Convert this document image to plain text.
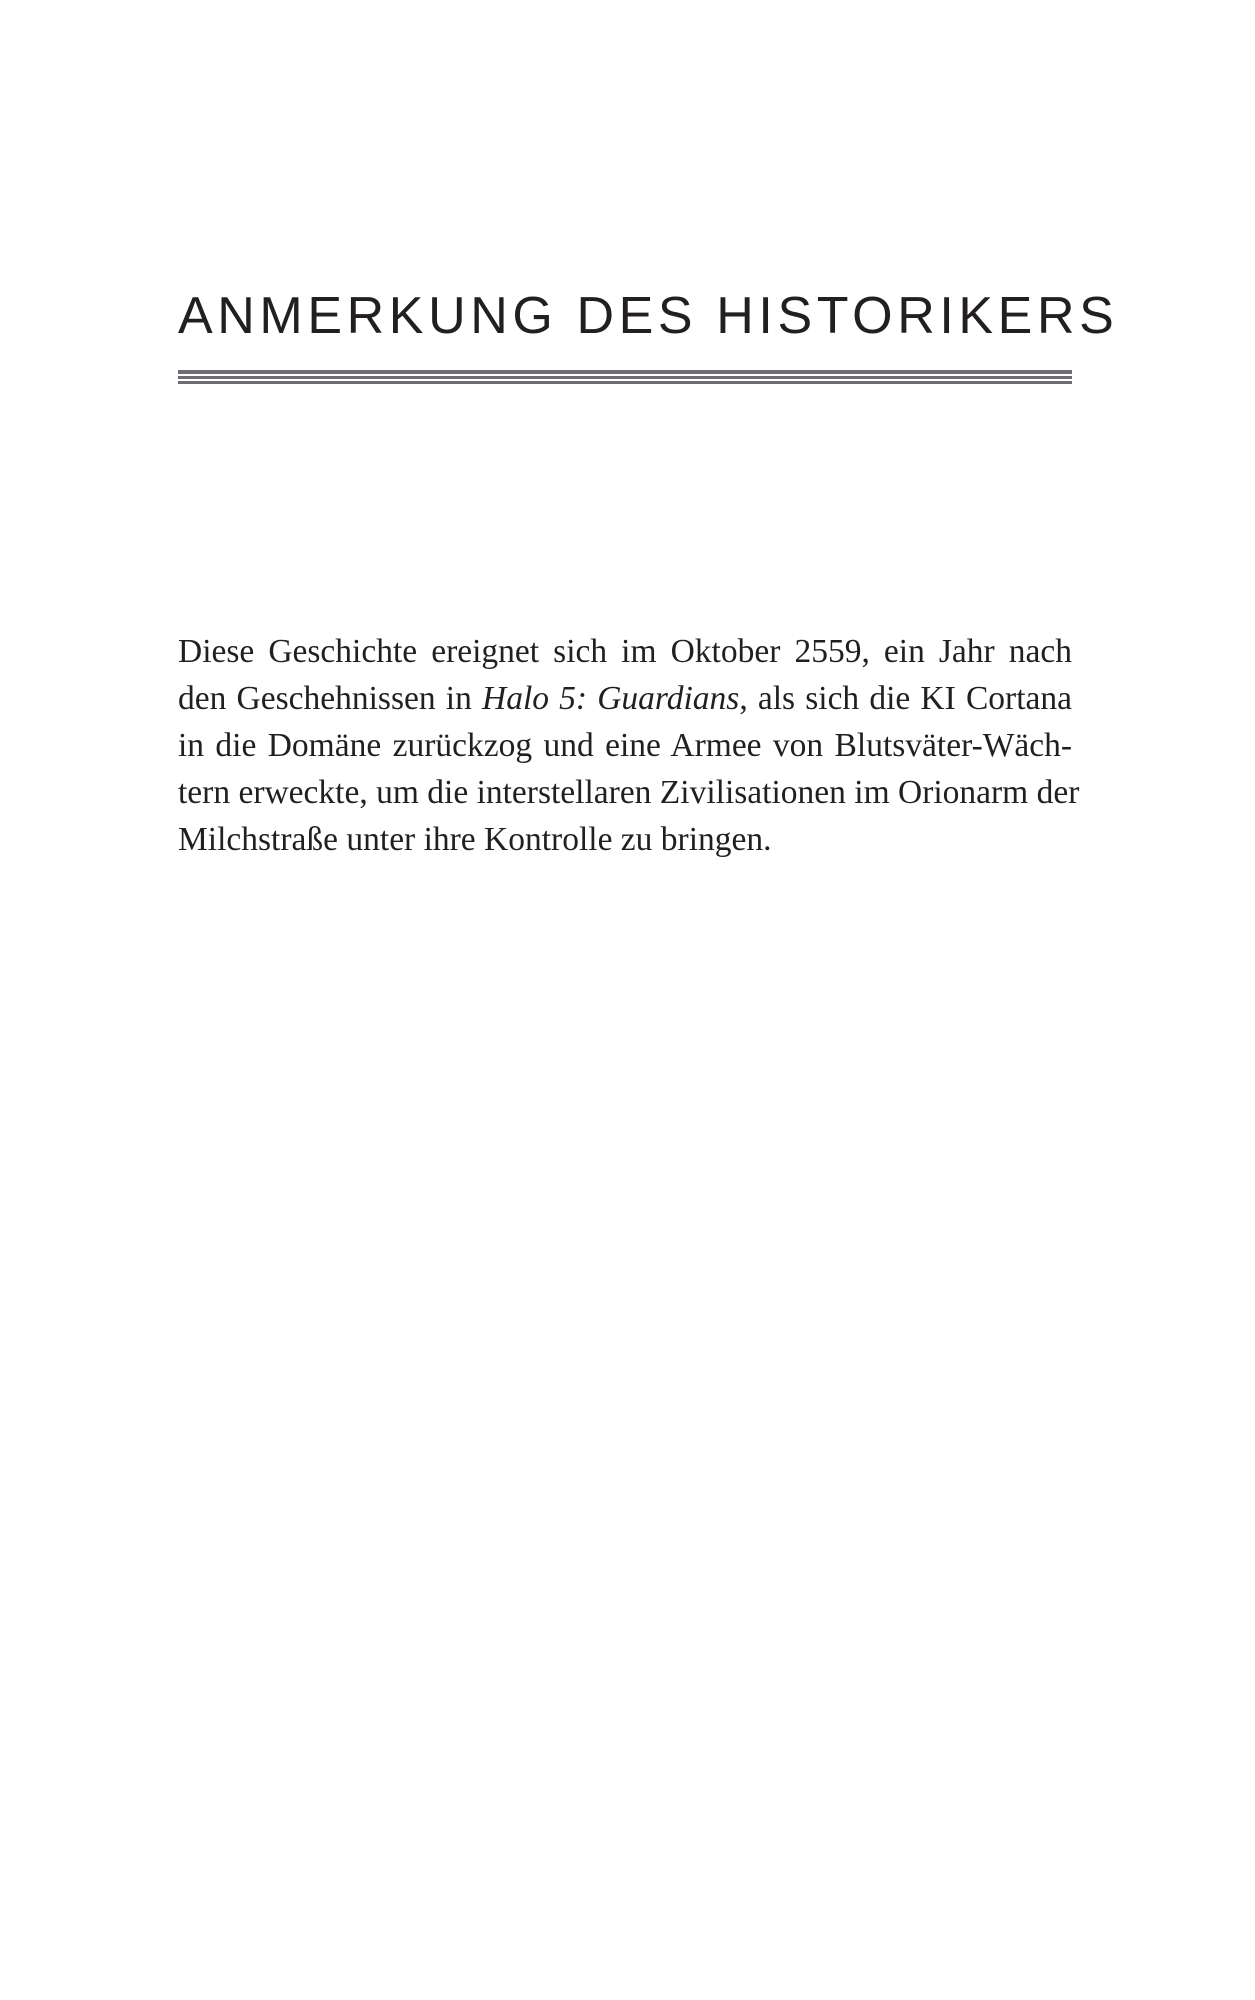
ANMERKUNG DES HISTORIKERS
Diese Geschichte ereignet sich im Oktober 2559, ein Jahr nach
den Geschehnissen in Halo 5: Guardians, als sich die KI Cortana
in die Domäne zurückzog und eine Armee von Blutsväter-Wäch-
tern erweckte, um die interstellaren Zivilisationen im Orionarm der
Milchstraße unter ihre Kontrolle zu bringen.
